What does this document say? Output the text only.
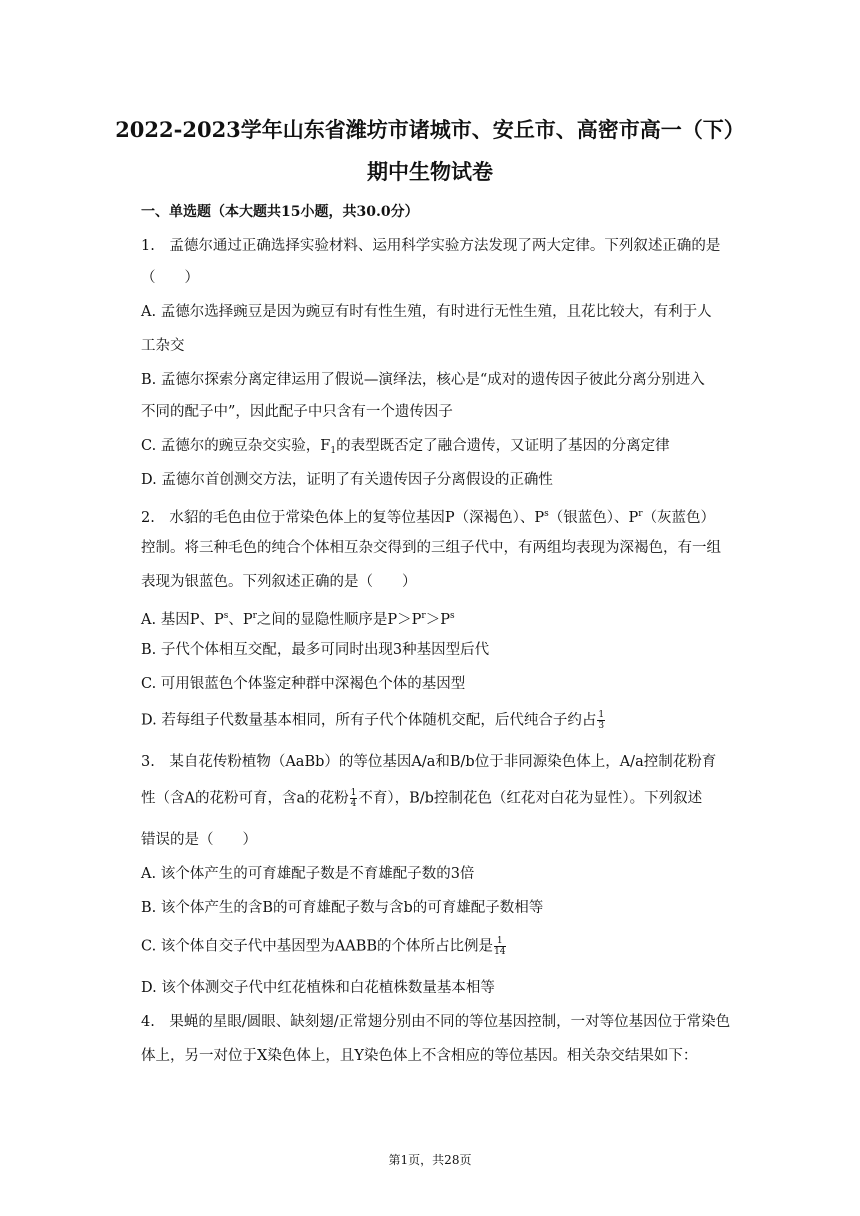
2022-2023学年山东省潍坊市诸城市、安丘市、高密市高一（下）
期中生物试卷
一、单选题（本大题共15小题，共30.0分）
1.　孟德尔通过正确选择实验材料、运用科学实验方法发现了两大定律。下列叙述正确的是
（　　）
A. 孟德尔选择豌豆是因为豌豆有时有性生殖，有时进行无性生殖，且花比较大，有利于人
工杂交
B. 孟德尔探索分离定律运用了假说—演绎法，核心是“成对的遗传因子彼此分离分别进入
不同的配子中”，因此配子中只含有一个遗传因子
C. 孟德尔的豌豆杂交实验，$F_1$的表型既否定了融合遗传，又证明了基因的分离定律
D. 孟德尔首创测交方法，证明了有关遗传因子分离假设的正确性
2.　水貂的毛色由位于常染色体上的复等位基因P（深褐色）、$P^s$（银蓝色）、$P^r$（灰蓝色）
控制。将三种毛色的纯合个体相互杂交得到的三组子代中，有两组均表现为深褐色，有一组
表现为银蓝色。下列叙述正确的是（　　）
A. 基因P、$P^s$、$P^r$之间的显隐性顺序是$P>P^r>P^s$
B. 子代个体相互交配，最多可同时出现3种基因型后代
C. 可用银蓝色个体鉴定种群中深褐色个体的基因型
D. 若每组子代数量基本相同，所有子代个体随机交配，后代纯合子约占 $\frac{1}{3}$
3.　某自花传粉植物（AaBb）的等位基因A/a和B/b位于非同源染色体上，A/a控制花粉育
性（含A的花粉可育，含a的花粉 $\frac{1}{4}$ 不育），B/b控制花色（红花对白花为显性）。下列叙述
错误的是（　　）
A. 该个体产生的可育雄配子数是不育雄配子数的3倍
B. 该个体产生的含B的可育雄配子数与含b的可育雄配子数相等
C. 该个体自交子代中基因型为AABB的个体所占比例是 $\frac{1}{14}$
D. 该个体测交子代中红花植株和白花植株数量基本相等
4.　果蝇的星眼/圆眼、缺刻翅/正常翅分别由不同的等位基因控制，一对等位基因位于常染色
体上，另一对位于X染色体上，且Y染色体上不含相应的等位基因。相关杂交结果如下：
第1页，共28页
